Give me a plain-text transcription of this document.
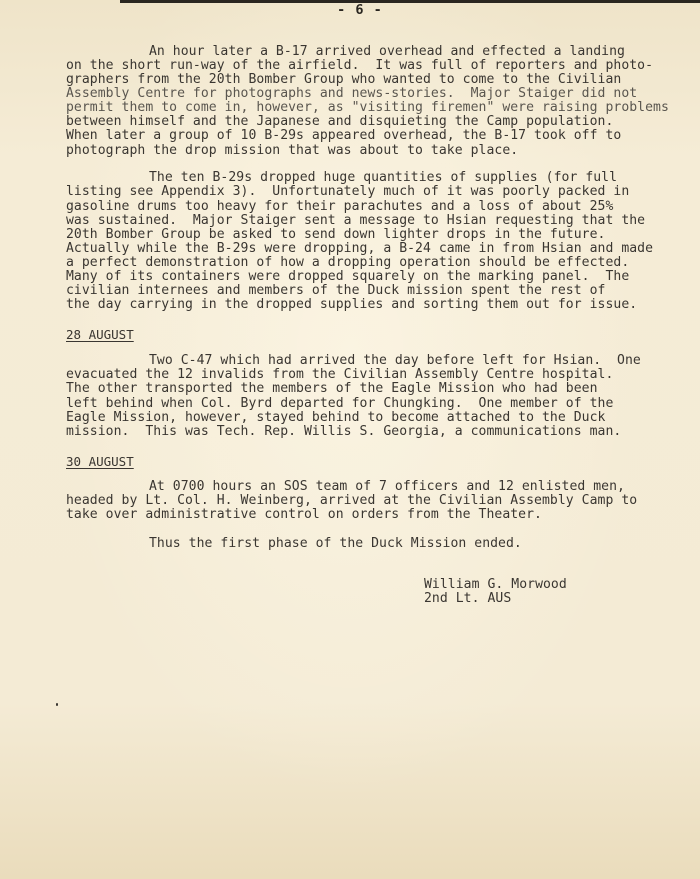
- 6 -
An hour later a B-17 arrived overhead and effected a landing
on the short run-way of the airfield.  It was full of reporters and photo-
graphers from the 20th Bomber Group who wanted to come to the Civilian
Assembly Centre for photographs and news-stories.  Major Staiger did not
permit them to come in, however, as "visiting firemen" were raising problems
between himself and the Japanese and disquieting the Camp population.
When later a group of 10 B-29s appeared overhead, the B-17 took off to
photograph the drop mission that was about to take place.
The ten B-29s dropped huge quantities of supplies (for full
listing see Appendix 3).  Unfortunately much of it was poorly packed in
gasoline drums too heavy for their parachutes and a loss of about 25%
was sustained.  Major Staiger sent a message to Hsian requesting that the
20th Bomber Group be asked to send down lighter drops in the future.
Actually while the B-29s were dropping, a B-24 came in from Hsian and made
a perfect demonstration of how a dropping operation should be effected.
Many of its containers were dropped squarely on the marking panel.  The
civilian internees and members of the Duck mission spent the rest of
the day carrying in the dropped supplies and sorting them out for issue.
28 AUGUST
Two C-47 which had arrived the day before left for Hsian.  One
evacuated the 12 invalids from the Civilian Assembly Centre hospital.
The other transported the members of the Eagle Mission who had been
left behind when Col. Byrd departed for Chungking.  One member of the
Eagle Mission, however, stayed behind to become attached to the Duck
mission.  This was Tech. Rep. Willis S. Georgia, a communications man.
30 AUGUST
At 0700 hours an SOS team of 7 officers and 12 enlisted men,
headed by Lt. Col. H. Weinberg, arrived at the Civilian Assembly Camp to
take over administrative control on orders from the Theater.
Thus the first phase of the Duck Mission ended.
William G. Morwood
2nd Lt. AUS
